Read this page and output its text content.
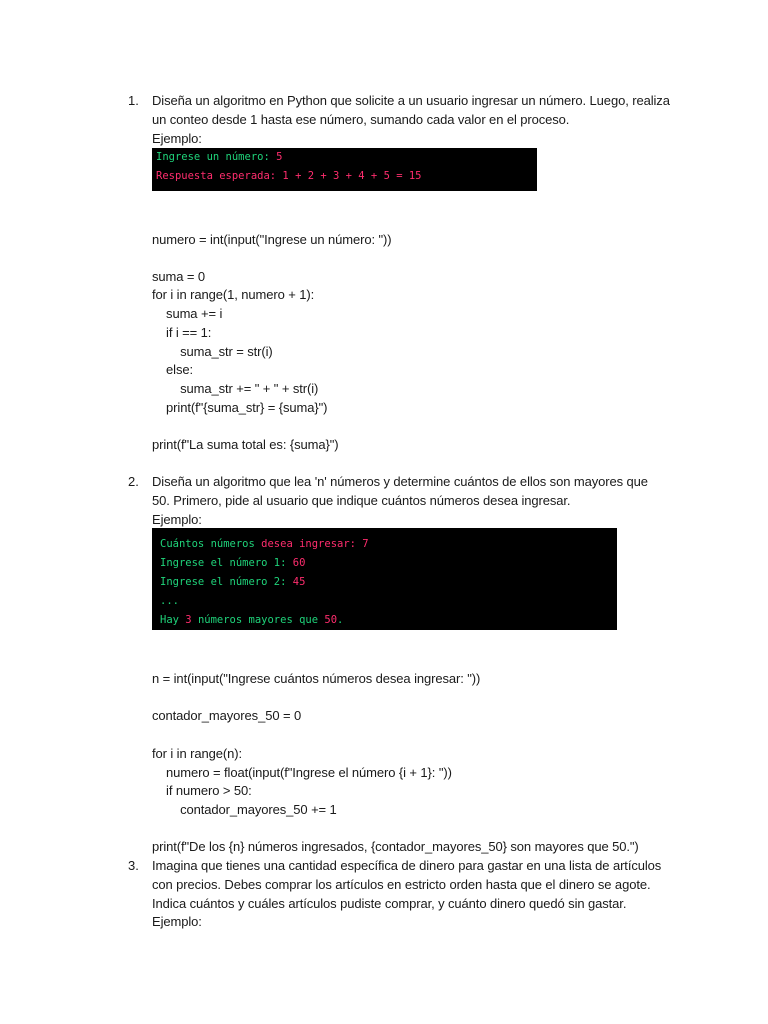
1. Diseña un algoritmo en Python que solicite a un usuario ingresar un número. Luego, realiza
un conteo desde 1 hasta ese número, sumando cada valor en el proceso.
Ejemplo:
Ingrese un número: 5
Respuesta esperada: 1 + 2 + 3 + 4 + 5 = 15
numero = int(input("Ingrese un número: "))
suma = 0
for i in range(1, numero + 1):
suma += i
if i == 1:
suma_str = str(i)
else:
suma_str += " + " + str(i)
print(f"{suma_str} = {suma}")
print(f"La suma total es: {suma}")
2. Diseña un algoritmo que lea 'n' números y determine cuántos de ellos son mayores que
50. Primero, pide al usuario que indique cuántos números desea ingresar.
Ejemplo:
Cuántos números desea ingresar: 7
Ingrese el número 1: 60
Ingrese el número 2: 45
...
Hay 3 números mayores que 50.
n = int(input("Ingrese cuántos números desea ingresar: "))
contador_mayores_50 = 0
for i in range(n):
numero = float(input(f"Ingrese el número {i + 1}: "))
if numero > 50:
contador_mayores_50 += 1
print(f"De los {n} números ingresados, {contador_mayores_50} son mayores que 50.")
3. Imagina que tienes una cantidad específica de dinero para gastar en una lista de artículos
con precios. Debes comprar los artículos en estricto orden hasta que el dinero se agote.
Indica cuántos y cuáles artículos pudiste comprar, y cuánto dinero quedó sin gastar.
Ejemplo:
